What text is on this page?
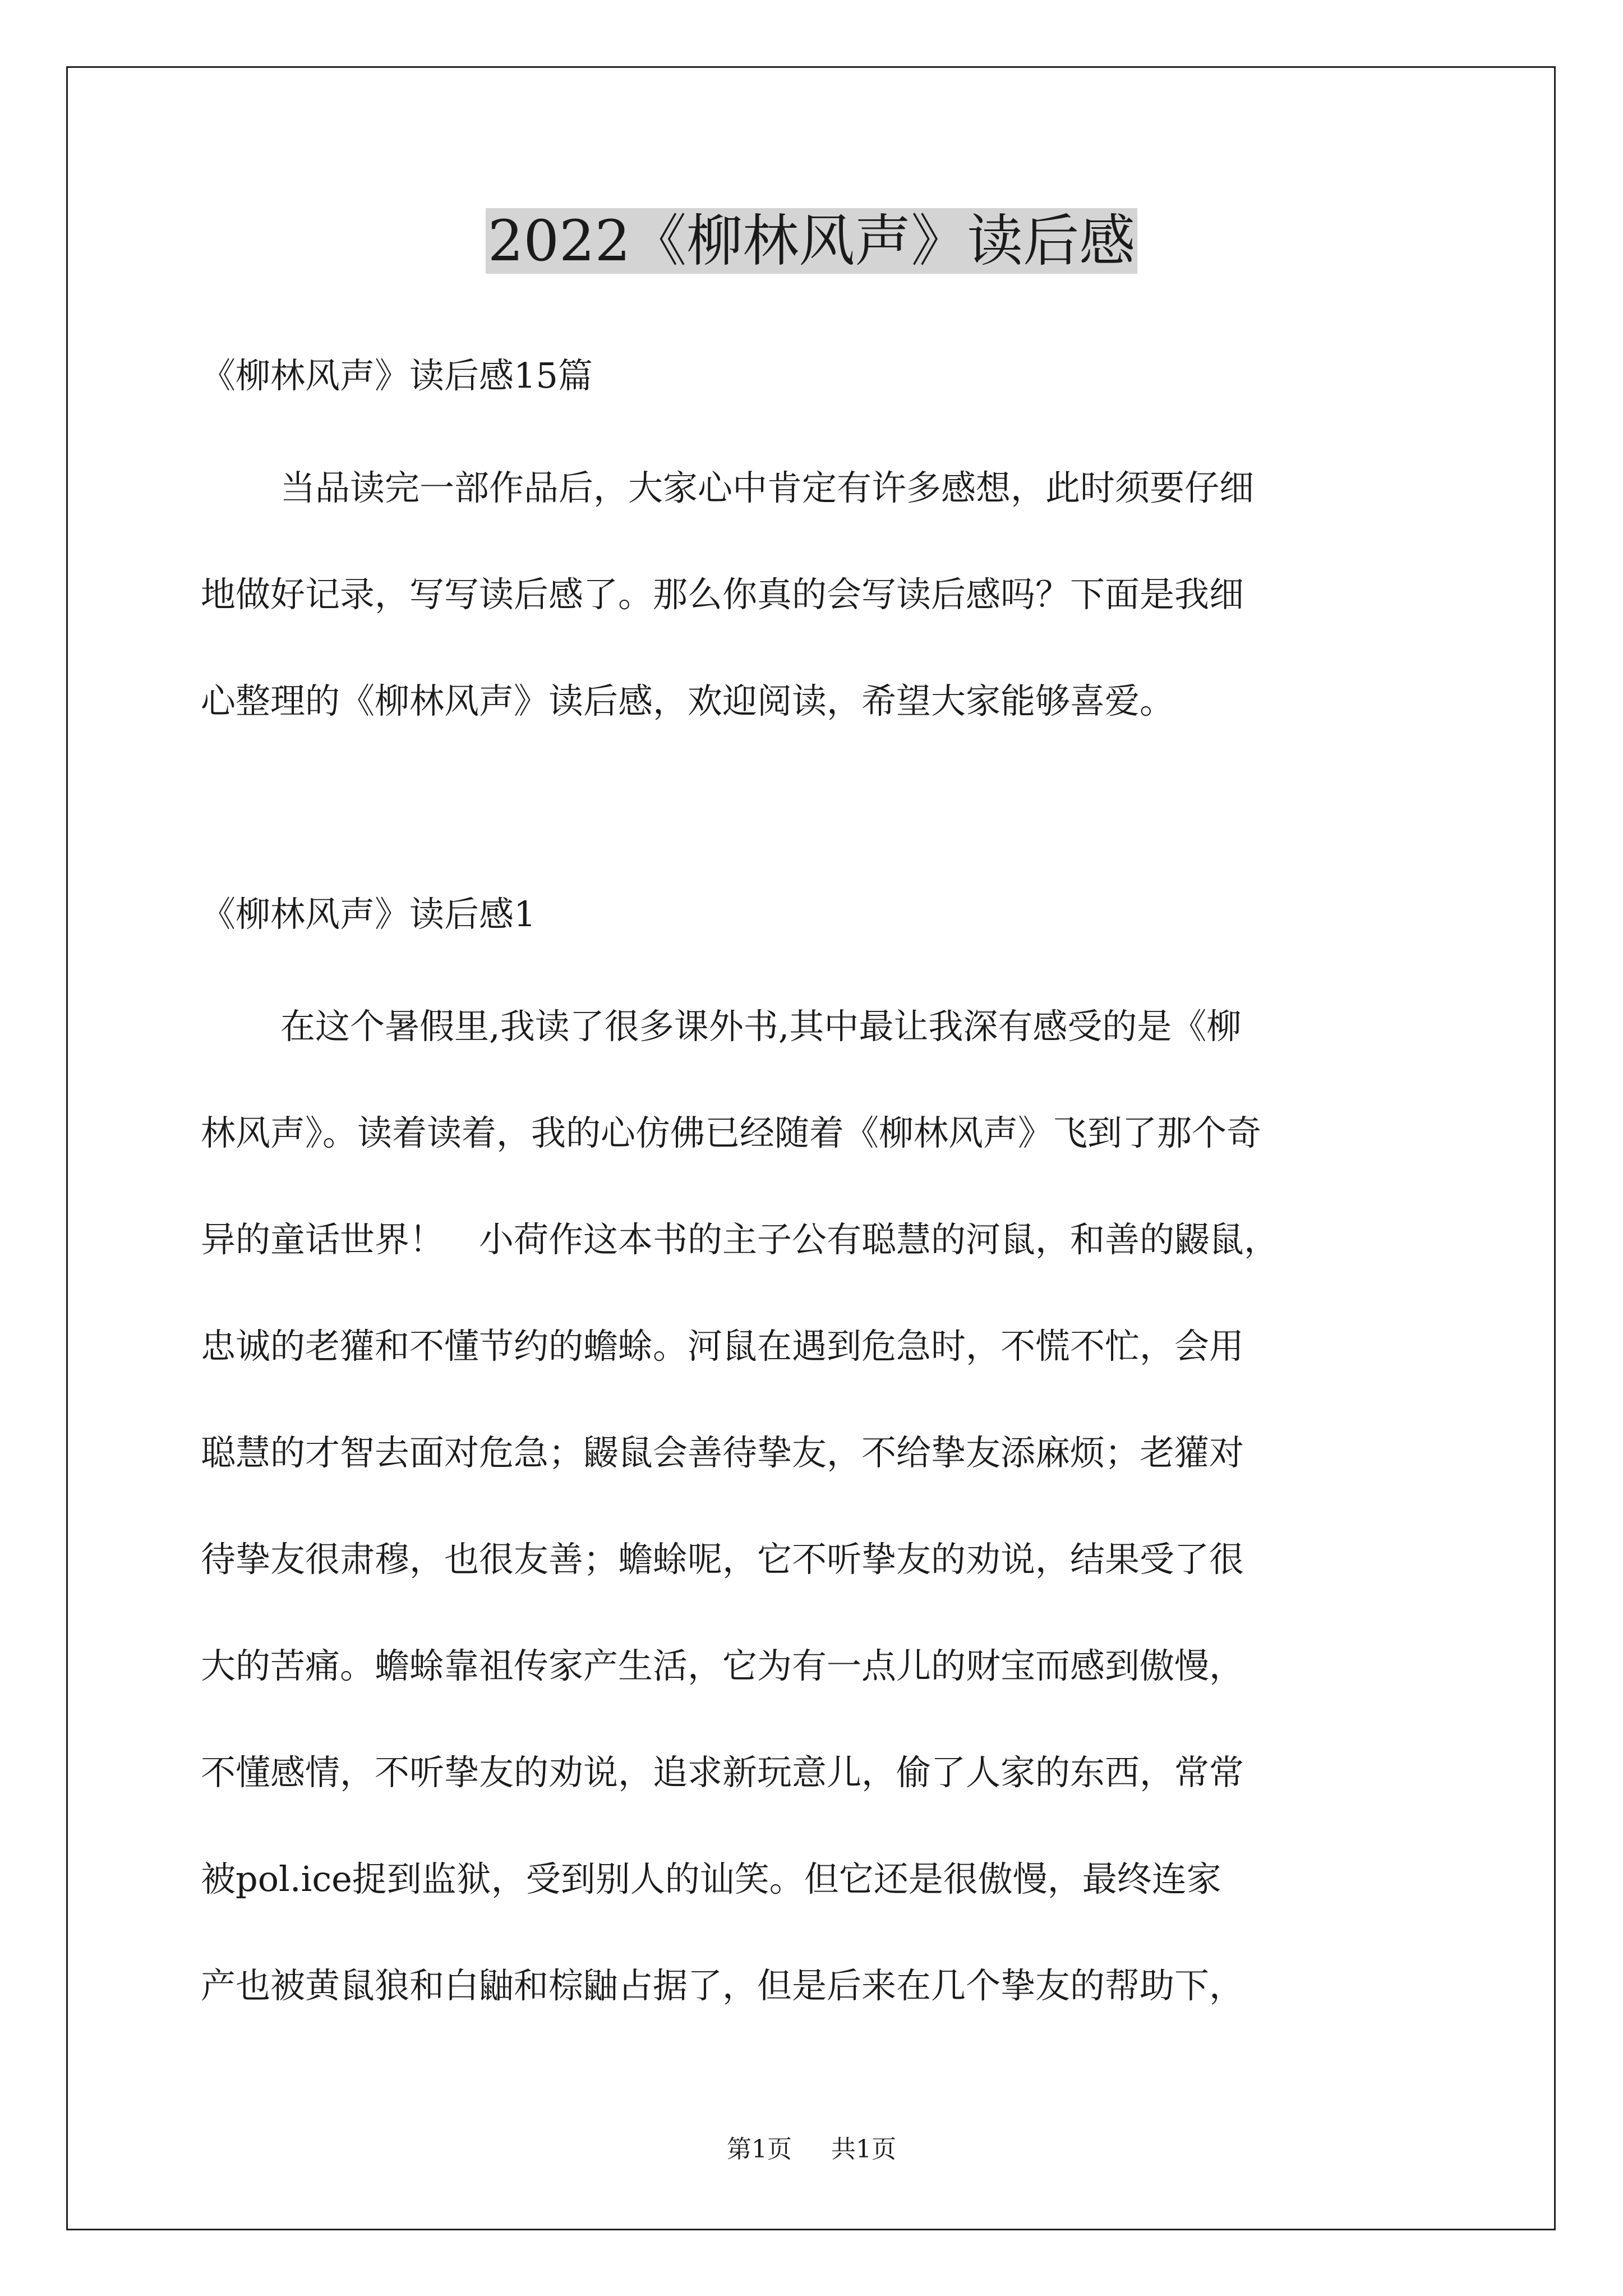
2022《柳林风声》读后感
《柳林风声》读后感15篇
当品读完一部作品后，大家心中肯定有许多感想，此时须要仔细
地做好记录，写写读后感了。那么你真的会写读后感吗？下面是我细
心整理的《柳林风声》读后感，欢迎阅读，希望大家能够喜爱。
《柳林风声》读后感1
在这个暑假里,我读了很多课外书,其中最让我深有感受的是《柳
林风声》。读着读着，我的心仿佛已经随着《柳林风声》飞到了那个奇
异的童话世界！　小荷作这本书的主子公有聪慧的河鼠，和善的鼹鼠，
忠诚的老獾和不懂节约的蟾蜍。河鼠在遇到危急时，不慌不忙，会用
聪慧的才智去面对危急；鼹鼠会善待挚友，不给挚友添麻烦；老獾对
待挚友很肃穆，也很友善；蟾蜍呢，它不听挚友的劝说，结果受了很
大的苦痛。蟾蜍靠祖传家产生活，它为有一点儿的财宝而感到傲慢，
不懂感情，不听挚友的劝说，追求新玩意儿，偷了人家的东西，常常
被pol.ice捉到监狱，受到别人的讪笑。但它还是很傲慢，最终连家
产也被黄鼠狼和白鼬和棕鼬占据了，但是后来在几个挚友的帮助下，
第1页 共1页
